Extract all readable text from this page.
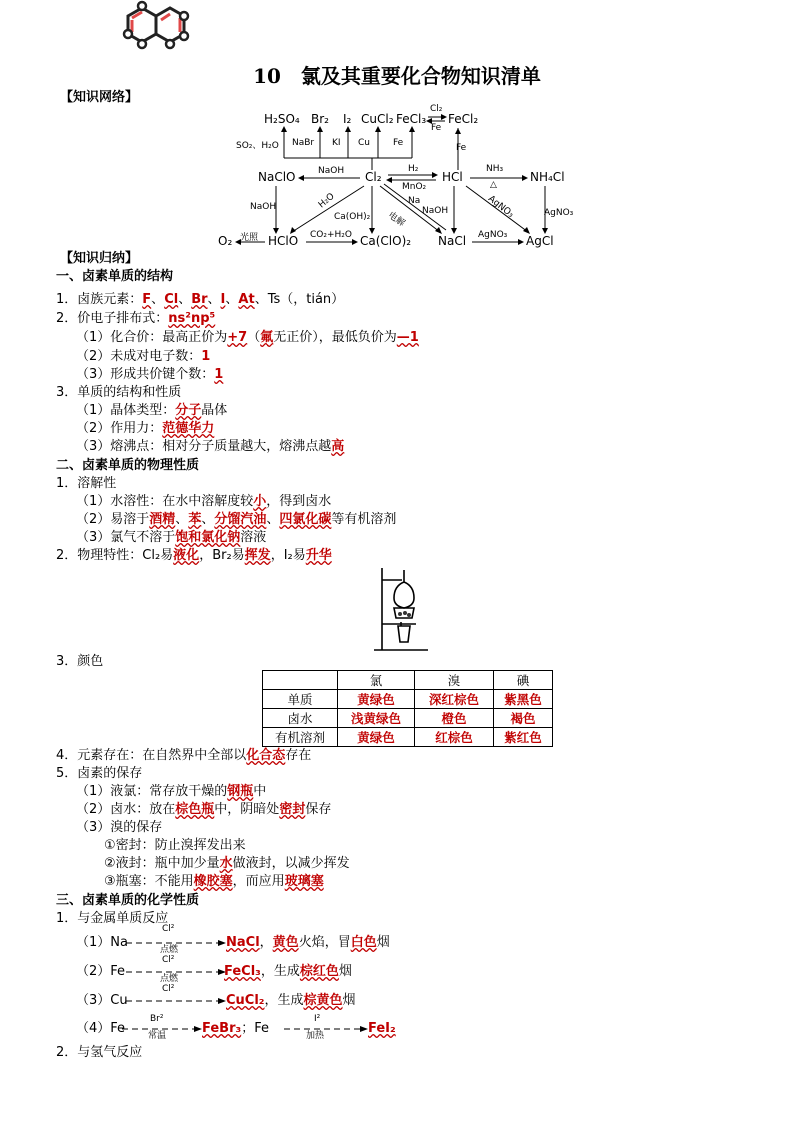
10　氯及其重要化合物知识清单
【知识网络】
H₂SO₄ Br₂ I₂ CuCl₂ FeCl₃
Cl₂
Fe
FeCl₂
SO₂、H₂O NaBr KI Cu	Fe	Fe
NaClO	NaOH Cl₂
H₂
MnO₂
HCl
NH₃
△
NH₄Cl
NaOH	H₂O
Ca(OH)₂ 电解
Na
NaOH	AgNO₃	AgNO₃
O₂ 光照 HClO CO₂+H₂O Ca(ClO)₂ NaCl AgNO₃ AgCl
【知识归纳】
一、卤素单质的结构
1．卤族元素：F、Cl、Br、I、At、Ts（，tián）
2．价电子排布式：ns²np⁵
（1）化合价：最高正价为+7（氟无正价），最低负价为—1
（2）未成对电子数：1
（3）形成共价键个数：1
3．单质的结构和性质
（1）晶体类型：分子晶体
（2）作用力：范德华力
（3）熔沸点：相对分子质量越大，熔沸点越高
二、卤素单质的物理性质
1．溶解性
（1）水溶性：在水中溶解度较小，得到卤水
（2）易溶于酒精、苯、分馏汽油、四氯化碳等有机溶剂
（3）氯气不溶于饱和氯化钠溶液
2．物理特性：Cl₂易液化，Br₂易挥发，I₂易升华
3．颜色
	氯	溴	碘
单质	黄绿色	深红棕色	紫黑色
卤水	浅黄绿色	橙色	褐色
有机溶剂	黄绿色	红棕色	紫红色
4．元素存在：在自然界中全部以化合态存在
5．卤素的保存
（1）液氯：常存放干燥的钢瓶中
（2）卤水：放在棕色瓶中，阴暗处密封保存
（3）溴的保存
①密封：防止溴挥发出来
②液封：瓶中加少量水做液封，以减少挥发
③瓶塞：不能用橡胶塞，而应用玻璃塞
三、卤素单质的化学性质
1．与金属单质反应
（1）Na
Cl²
点燃	NaCl，黄色火焰，冒白色烟
（2）Fe
Cl²
点燃	FeCl₃，生成棕红色烟
（3）Cu
Cl²
CuCl₂，生成棕黄色烟
（4）Fe
Br²
常温	FeBr₃；Fe
I²
加热	FeI₂
2．与氢气反应
